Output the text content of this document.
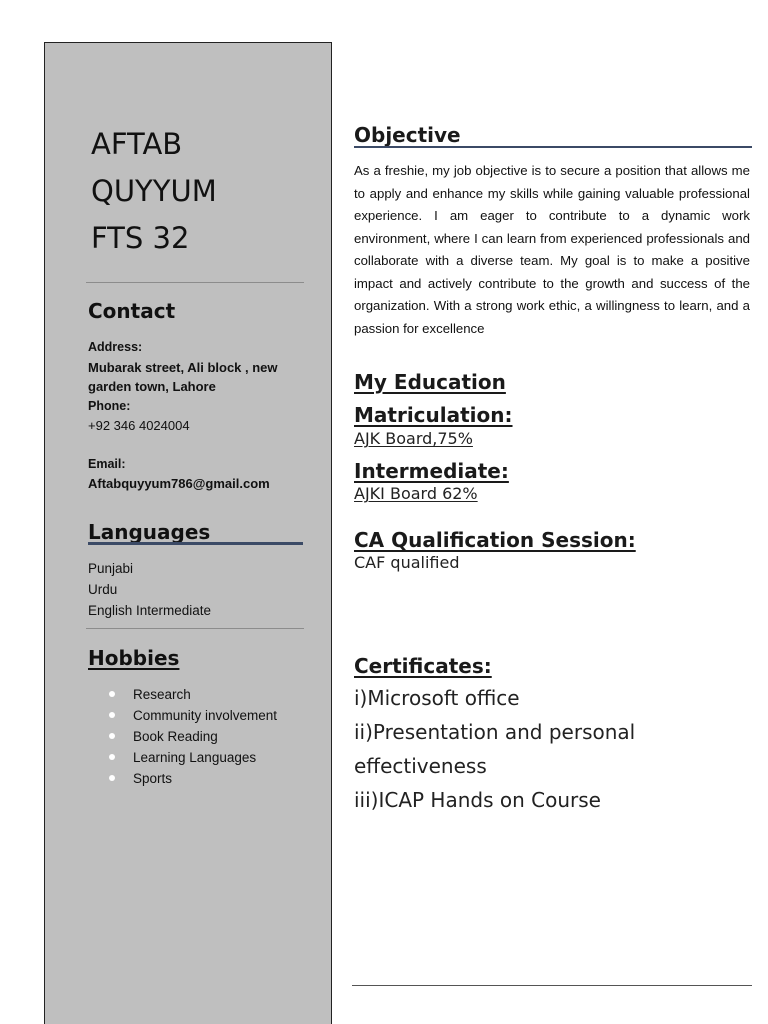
AFTAB
QUYYUM
FTS 32
Contact
Address:
Mubarak street, Ali block , new
garden town, Lahore
Phone:
+92 346 4024004
Email:
Aftabquyyum786@gmail.com
Languages
Punjabi
Urdu
English Intermediate
Hobbies
Research
Community involvement
Book Reading
Learning Languages
Sports
Objective
As a freshie, my job objective is to secure a position that allows me to apply and enhance my skills while gaining valuable professional experience. I am eager to contribute to a dynamic work environment, where I can learn from experienced professionals and collaborate with a diverse team. My goal is to make a positive impact and actively contribute to the growth and success of the organization. With a strong work ethic, a willingness to learn, and a passion for excellence
My Education
Matriculation:
AJK Board,75%
Intermediate:
AJKI Board 62%
CA Qualification Session:
CAF qualified
Certificates:
i)Microsoft office
ii)Presentation and personal
effectiveness
iii)ICAP Hands on Course
